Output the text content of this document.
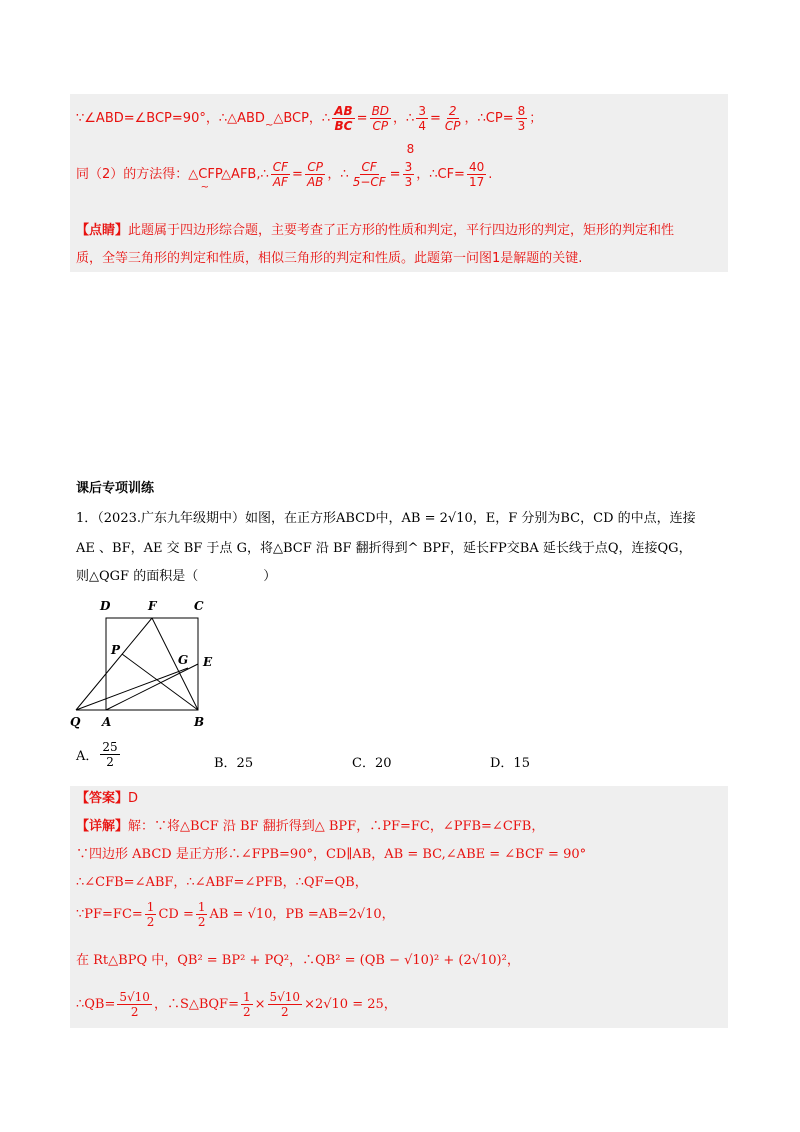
∵∠ABD=∠BCP=90°，$\therefore\triangle ABD_\sim\triangle BCP$，∴ $\frac{AB}{BC} = \frac{BD}{CP}$ ，∴ $\frac{3}{4} = \frac{2}{CP}$ ，∴CP= $\frac{8}{3}$ ；
同（2）的方法得：$\triangle CFP_\sim\triangle AFB,\therefore \frac{CF}{AF} = \frac{CP}{AB}$ ，∴ $\frac{CF}{5-CF}$ =
8
3
3 ，∴CF= $\frac{40}{17}$ .
【点睛】此题属于四边形综合题，主要考查了正方形的性质和判定，平行四边形的判定，矩形的判定和性
质，全等三角形的判定和性质，相似三角形的判定和性质。此题第一问图1是解题的关键.
课后专项训练
1．（2023.广东九年级期中）如图，在正方形ABCD中，AB = 2√10，E，F 分别为BC，CD 的中点，连接
AE 、BF，AE 交 BF 于点 G，将△BCF 沿 BF 翻折得到^ BPF，延长FP交BA 延长线于点Q，连接QG，
则△QGF 的面积是（　　　　　）
D	F	C
P
G E
Q A	B
A． $\frac{25}{2}$	B．25	C．20	D．15
【答案】D
【详解】解：∵将△BCF 沿 BF 翻折得到△ BPF，∴PF=FC，∠PFB=∠CFB，
∵四边形 ABCD 是正方形∴∠FPB=90°，CD∥AB，AB = BC,∠ABE = ∠BCF = 90°
∴∠CFB=∠ABF，∴∠ABF=∠PFB，∴QF=QB，
∵PF=FC= $\frac{1}{2}$ CD = $\frac{1}{2}$ AB = √10，PB =AB=2√10，
在 Rt△BPQ 中，QB² = BP² + PQ²，∴QB² = (QB − √10)² + (2√10)²，
∴QB= $\frac{5√10}{2}$ ，∴S△BQF= $\frac{1}{2} \times \frac{5√10}{2} \times 2√10 = 25$，
